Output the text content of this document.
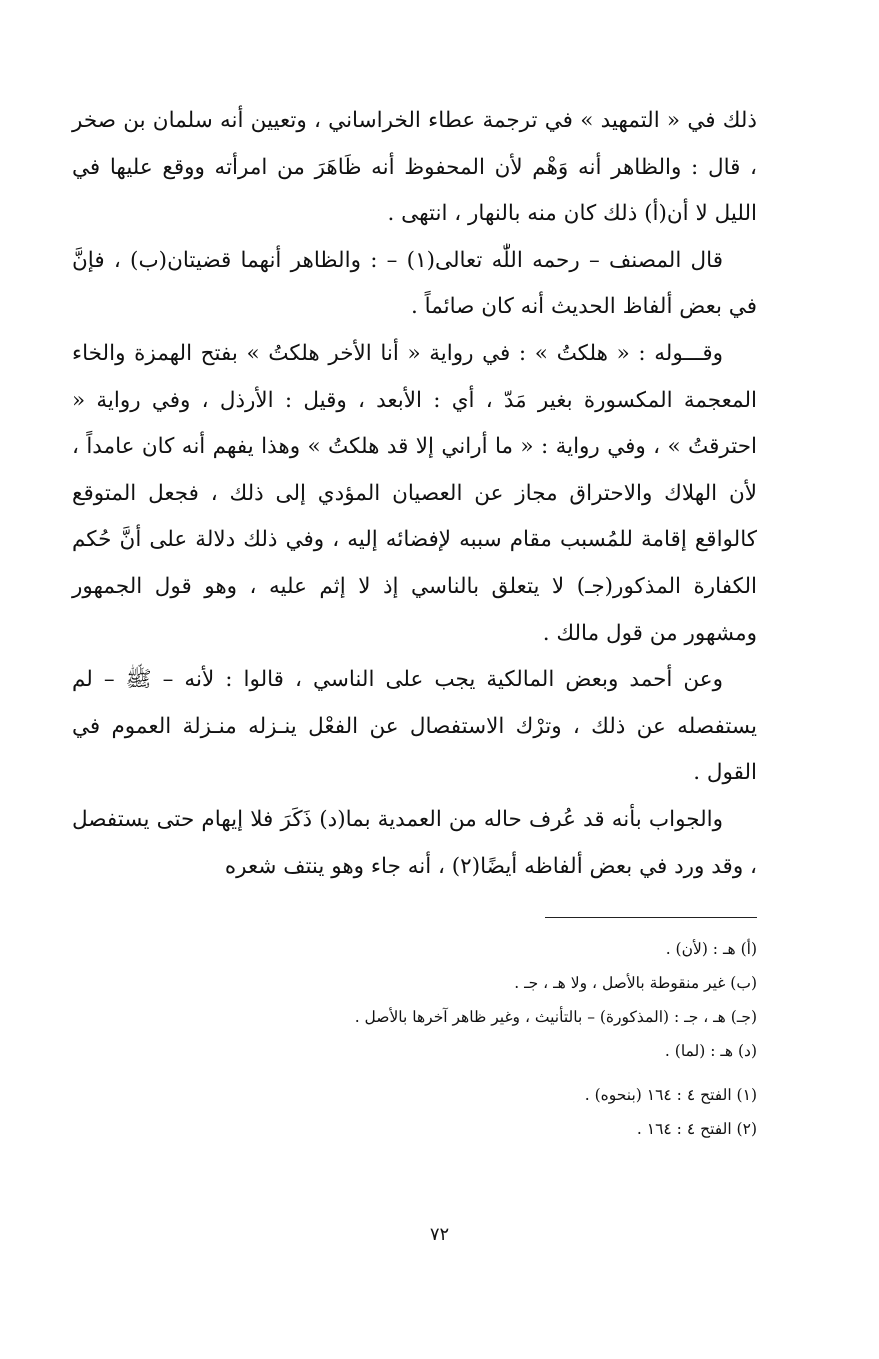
ذلك في « التمهيد » في ترجمة عطاء الخراساني ، وتعيين أنه سلمان بن صخر ، قال : والظاهر أنه وَهْم لأن المحفوظ أنه ظَاهَرَ من امرأته ووقع عليها في الليل لا أن(أ) ذلك كان منه بالنهار ، انتهى .

قال المصنف – رحمه اللّٰه تعالى(١) – : والظاهر أنهما قضيتان(ب) ، فإنَّ في بعض ألفاظ الحديث أنه كان صائماً .

وقـــوله : « هلكتُ » : في رواية « أنا الأخر هلكتُ » بفتح الهمزة والخاء المعجمة المكسورة بغير مَدّ ، أي : الأبعد ، وقيل : الأرذل ، وفي رواية « احترقتُ » ، وفي رواية : « ما أراني إلا قد هلكتُ » وهذا يفهم أنه كان عامداً ، لأن الهلاك والاحتراق مجاز عن العصيان المؤدي إلى ذلك ، فجعل المتوقع كالواقع إقامة للمُسبب مقام سببه لإفضائه إليه ، وفي ذلك دلالة على أنَّ حُكم الكفارة المذكور(جـ) لا يتعلق بالناسي إذ لا إثم عليه ، وهو قول الجمهور ومشهور من قول مالك .

وعن أحمد وبعض المالكية يجب على الناسي ، قالوا : لأنه – ﷺ – لم يستفصله عن ذلك ، وترْك الاستفصال عن الفعْل ينـزله منـزلة العموم في القول .

والجواب بأنه قد عُرف حاله من العمدية بما(د) ذَكَرَ فلا إيهام حتى يستفصل ، وقد ورد في بعض ألفاظه أيضًا(٢) ، أنه جاء وهو ينتف شعره

(أ) هـ : (لأن) .

(ب) غير منقوطة بالأصل ، ولا هـ ، جـ .

(جـ) هـ ، جـ : (المذكورة) – بالتأنيث ، وغير ظاهر آخرها بالأصل .

(د) هـ : (لما) .

(١) الفتح ٤ : ١٦٤ (بنحوه) .

(٢) الفتح ٤ : ١٦٤ .

٧٢
